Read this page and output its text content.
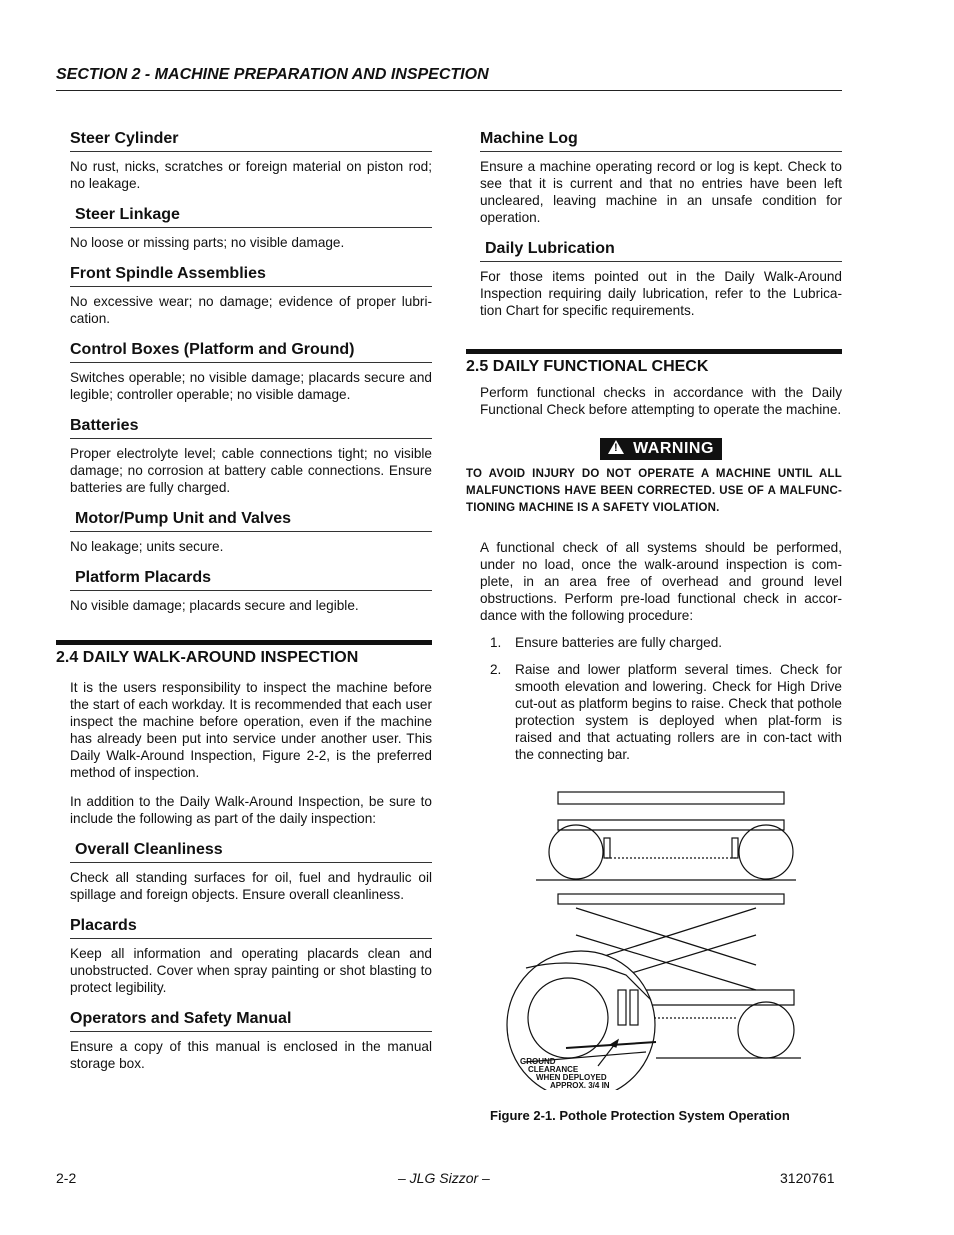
SECTION 2 - MACHINE PREPARATION AND INSPECTION
Steer Cylinder

No rust, nicks, scratches or foreign material on piston rod; no leakage.

Steer Linkage

No loose or missing parts; no visible damage.

Front Spindle Assemblies

No excessive wear; no damage; evidence of proper lubri-cation.

Control Boxes (Platform and Ground)

Switches operable; no visible damage; placards secure and legible; controller operable; no visible damage.

Batteries

Proper electrolyte level; cable connections tight; no visible damage; no corrosion at battery cable connections. Ensure batteries are fully charged.

Motor/Pump Unit and Valves

No leakage; units secure.

Platform Placards

No visible damage; placards secure and legible.

2.4 DAILY WALK-AROUND INSPECTION

It is the users responsibility to inspect the machine before the start of each workday. It is recommended that each user inspect the machine before operation, even if the machine has already been put into service under another user. This Daily Walk-Around Inspection, Figure 2-2, is the preferred method of inspection.

In addition to the Daily Walk-Around Inspection, be sure to include the following as part of the daily inspection:

Overall Cleanliness

Check all standing surfaces for oil, fuel and hydraulic oil spillage and foreign objects. Ensure overall cleanliness.

Placards

Keep all information and operating placards clean and unobstructed. Cover when spray painting or shot blasting to protect legibility.

Operators and Safety Manual

Ensure a copy of this manual is enclosed in the manual storage box.

Machine Log

Ensure a machine operating record or log is kept. Check to see that it is current and that no entries have been left uncleared, leaving machine in an unsafe condition for operation.

Daily Lubrication

For those items pointed out in the Daily Walk-Around Inspection requiring daily lubrication, refer to the Lubrica-tion Chart for specific requirements.

2.5 DAILY FUNCTIONAL CHECK

Perform functional checks in accordance with the Daily Functional Check before attempting to operate the machine.

! WARNING
TO AVOID INJURY DO NOT OPERATE A MACHINE UNTIL ALL MALFUNCTIONS HAVE BEEN CORRECTED. USE OF A MALFUNC-TIONING MACHINE IS A SAFETY VIOLATION.

A functional check of all systems should be performed, under no load, once the walk-around inspection is com-plete, in an area free of overhead and ground level obstructions. Perform pre-load functional check in accor-dance with the following procedure:

1.	Ensure batteries are fully charged.
2.	Raise and lower platform several times. Check for smooth elevation and lowering. Check for High Drive cut-out as platform begins to raise. Check that pothole protection system is deployed when plat-form is raised and that actuating rollers are in con-tact with the connecting bar.
GROUND
CLEARANCE
WHEN DEPLOYED
APPROX. 3/4 IN
Figure 2-1. Pothole Protection System Operation
2-2	– JLG Sizzor –	3120761
